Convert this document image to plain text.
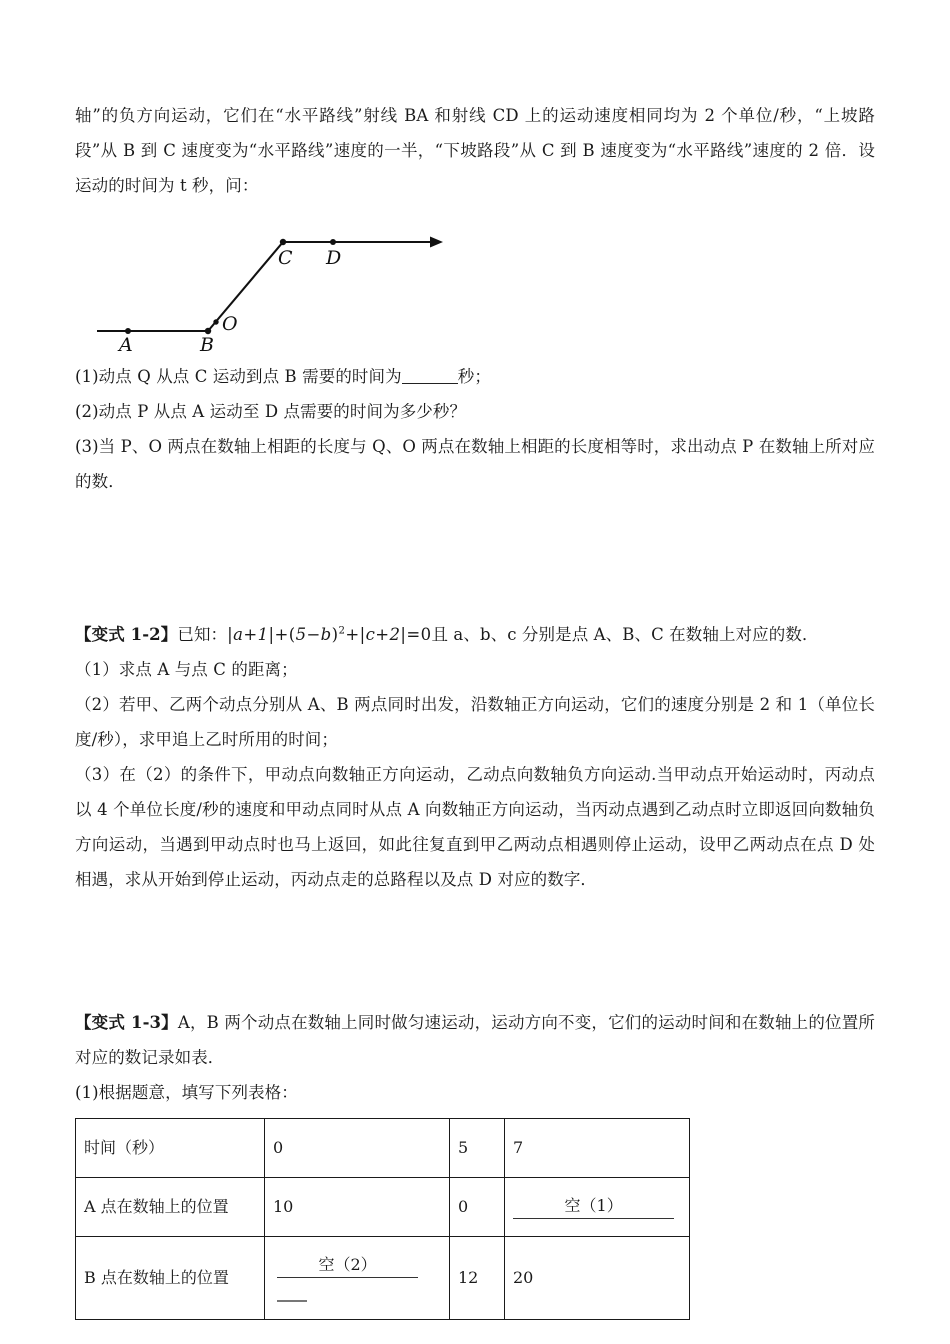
轴”的负方向运动，它们在“水平路线”射线 BA 和射线 CD 上的运动速度相同均为 2 个单位/秒，“上坡路段”从 B 到 C 速度变为“水平路线”速度的一半，“下坡路段”从 C 到 B 速度变为“水平路线”速度的 2 倍．设运动的时间为 t 秒，问：

A	B
O
C D

(1)动点 Q 从点 C 运动到点 B 需要的时间为	秒；

(2)动点 P 从点 A 运动至 D 点需要的时间为多少秒？

(3)当 P、O 两点在数轴上相距的长度与 Q、O 两点在数轴上相距的长度相等时，求出动点 P 在数轴上所对应的数．

【变式 1-2】已知：$|a+1|+(5-b)^2+|c+2|=0$且 a、b、c 分别是点 A、B、C 在数轴上对应的数．

（1）求点 A 与点 C 的距离；

（2）若甲、乙两个动点分别从 A、B 两点同时出发，沿数轴正方向运动，它们的速度分别是 2 和 1（单位长度/秒），求甲追上乙时所用的时间；

（3）在（2）的条件下，甲动点向数轴正方向运动，乙动点向数轴负方向运动.当甲动点开始运动时，丙动点以 4 个单位长度/秒的速度和甲动点同时从点 A 向数轴正方向运动，当丙动点遇到乙动点时立即返回向数轴负方向运动，当遇到甲动点时也马上返回，如此往复直到甲乙两动点相遇则停止运动，设甲乙两动点在点 D 处相遇，求从开始到停止运动，丙动点走的总路程以及点 D 对应的数字．

【变式 1-3】A，B 两个动点在数轴上同时做匀速运动，运动方向不变，它们的运动时间和在数轴上的位置所对应的数记录如表．

(1)根据题意，填写下列表格：

时间（秒）	0	5	7
A 点在数轴上的位置	10	0	空（1）

B 点在数轴上的位置	空（2）	12	20
